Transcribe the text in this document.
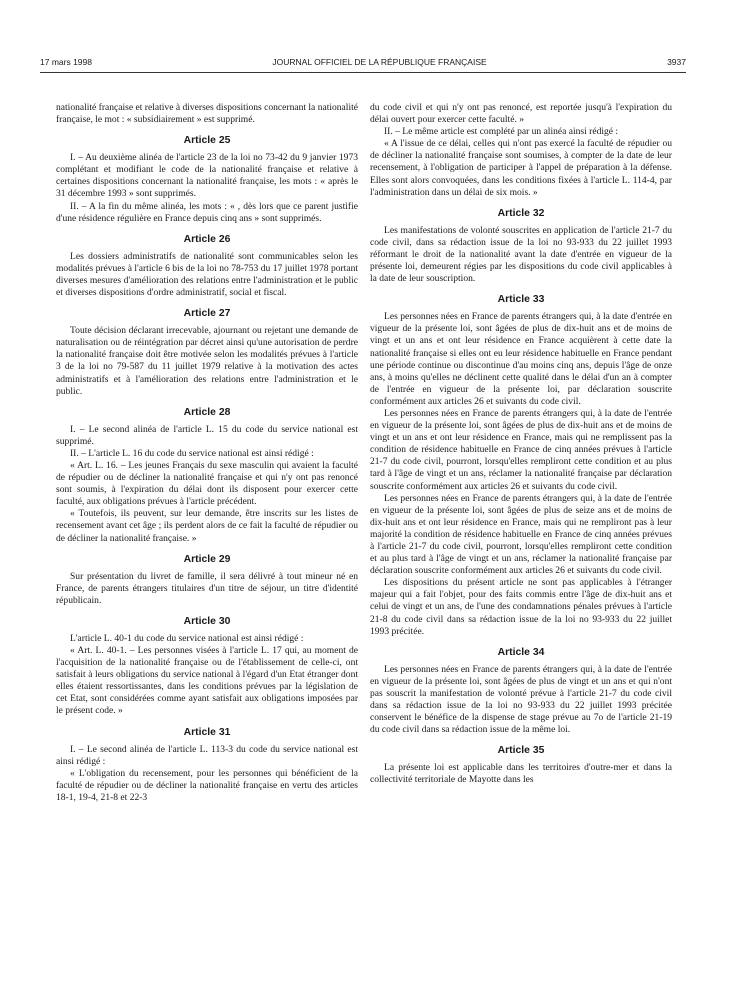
17 mars 1998	JOURNAL OFFICIEL DE LA RÉPUBLIQUE FRANÇAISE	3937

nationalité française et relative à diverses dispositions concernant la nationalité française, le mot : « subsidiairement » est supprimé.

Article 25

I. – Au deuxième alinéa de l'article 23 de la loi no 73-42 du 9 janvier 1973 complétant et modifiant le code de la nationalité française et relative à certaines dispositions concernant la nationalité française, les mots : « après le 31 décembre 1993 » sont supprimés.

II. – A la fin du même alinéa, les mots : « , dès lors que ce parent justifie d'une résidence régulière en France depuis cinq ans » sont supprimés.

Article 26

Les dossiers administratifs de nationalité sont communicables selon les modalités prévues à l'article 6 bis de la loi no 78-753 du 17 juillet 1978 portant diverses mesures d'amélioration des relations entre l'administration et le public et diverses dispositions d'ordre administratif, social et fiscal.

Article 27

Toute décision déclarant irrecevable, ajournant ou rejetant une demande de naturalisation ou de réintégration par décret ainsi qu'une autorisation de perdre la nationalité française doit être motivée selon les modalités prévues à l'article 3 de la loi no 79-587 du 11 juillet 1979 relative à la motivation des actes administratifs et à l'amélioration des relations entre l'administration et le public.

Article 28

I. – Le second alinéa de l'article L. 15 du code du service national est supprimé.

II. – L'article L. 16 du code du service national est ainsi rédigé :

« Art. L. 16. – Les jeunes Français du sexe masculin qui avaient la faculté de répudier ou de décliner la nationalité française et qui n'y ont pas renoncé sont soumis, à l'expiration du délai dont ils disposent pour exercer cette faculté, aux obligations prévues à l'article précédent.

« Toutefois, ils peuvent, sur leur demande, être inscrits sur les listes de recensement avant cet âge ; ils perdent alors de ce fait la faculté de répudier ou de décliner la nationalité française. »

Article 29

Sur présentation du livret de famille, il sera délivré à tout mineur né en France, de parents étrangers titulaires d'un titre de séjour, un titre d'identité républicain.

Article 30

L'article L. 40-1 du code du service national est ainsi rédigé :

« Art. L. 40-1. – Les personnes visées à l'article L. 17 qui, au moment de l'acquisition de la nationalité française ou de l'établissement de celle-ci, ont satisfait à leurs obligations du service national à l'égard d'un Etat étranger dont elles étaient ressortissantes, dans les conditions prévues par la législation de cet Etat, sont considérées comme ayant satisfait aux obligations imposées par le présent code. »

Article 31

I. – Le second alinéa de l'article L. 113-3 du code du service national est ainsi rédigé :

« L'obligation du recensement, pour les personnes qui bénéficient de la faculté de répudier ou de décliner la nationalité française en vertu des articles 18-1, 19-4, 21-8 et 22-3

du code civil et qui n'y ont pas renoncé, est reportée jusqu'à l'expiration du délai ouvert pour exercer cette faculté. »

II. – Le même article est complété par un alinéa ainsi rédigé :

« A l'issue de ce délai, celles qui n'ont pas exercé la faculté de répudier ou de décliner la nationalité française sont soumises, à compter de la date de leur recensement, à l'obligation de participer à l'appel de préparation à la défense. Elles sont alors convoquées, dans les conditions fixées à l'article L. 114-4, par l'administration dans un délai de six mois. »

Article 32

Les manifestations de volonté souscrites en application de l'article 21-7 du code civil, dans sa rédaction issue de la loi no 93-933 du 22 juillet 1993 réformant le droit de la nationalité avant la date d'entrée en vigueur de la présente loi, demeurent régies par les dispositions du code civil applicables à la date de leur souscription.

Article 33

Les personnes nées en France de parents étrangers qui, à la date d'entrée en vigueur de la présente loi, sont âgées de plus de dix-huit ans et de moins de vingt et un ans et ont leur résidence en France acquièrent à cette date la nationalité française si elles ont eu leur résidence habituelle en France pendant une période continue ou discontinue d'au moins cinq ans, depuis l'âge de onze ans, à moins qu'elles ne déclinent cette qualité dans le délai d'un an à compter de l'entrée en vigueur de la présente loi, par déclaration souscrite conformément aux articles 26 et suivants du code civil.

Les personnes nées en France de parents étrangers qui, à la date de l'entrée en vigueur de la présente loi, sont âgées de plus de dix-huit ans et de moins de vingt et un ans et ont leur résidence en France, mais qui ne remplissent pas la condition de résidence habituelle en France de cinq années prévues à l'article 21-7 du code civil, pourront, lorsqu'elles rempliront cette condition et au plus tard à l'âge de vingt et un ans, réclamer la nationalité française par déclaration souscrite conformément aux articles 26 et suivants du code civil.

Les personnes nées en France de parents étrangers qui, à la date de l'entrée en vigueur de la présente loi, sont âgées de plus de seize ans et de moins de dix-huit ans et ont leur résidence en France, mais qui ne rempliront pas à leur majorité la condition de résidence habituelle en France de cinq années prévues à l'article 21-7 du code civil, pourront, lorsqu'elles rempliront cette condition et au plus tard à l'âge de vingt et un ans, réclamer la nationalité française par déclaration souscrite conformément aux articles 26 et suivants du code civil.

Les dispositions du présent article ne sont pas applicables à l'étranger majeur qui a fait l'objet, pour des faits commis entre l'âge de dix-huit ans et celui de vingt et un ans, de l'une des condamnations pénales prévues à l'article 21-8 du code civil dans sa rédaction issue de la loi no 93-933 du 22 juillet 1993 précitée.

Article 34

Les personnes nées en France de parents étrangers qui, à la date de l'entrée en vigueur de la présente loi, sont âgées de plus de vingt et un ans et qui n'ont pas souscrit la manifestation de volonté prévue à l'article 21-7 du code civil dans sa rédaction issue de la loi no 93-933 du 22 juillet 1993 précitée conservent le bénéfice de la dispense de stage prévue au 7o de l'article 21-19 du code civil dans sa rédaction issue de la même loi.

Article 35

La présente loi est applicable dans les territoires d'outre-mer et dans la collectivité territoriale de Mayotte dans les
